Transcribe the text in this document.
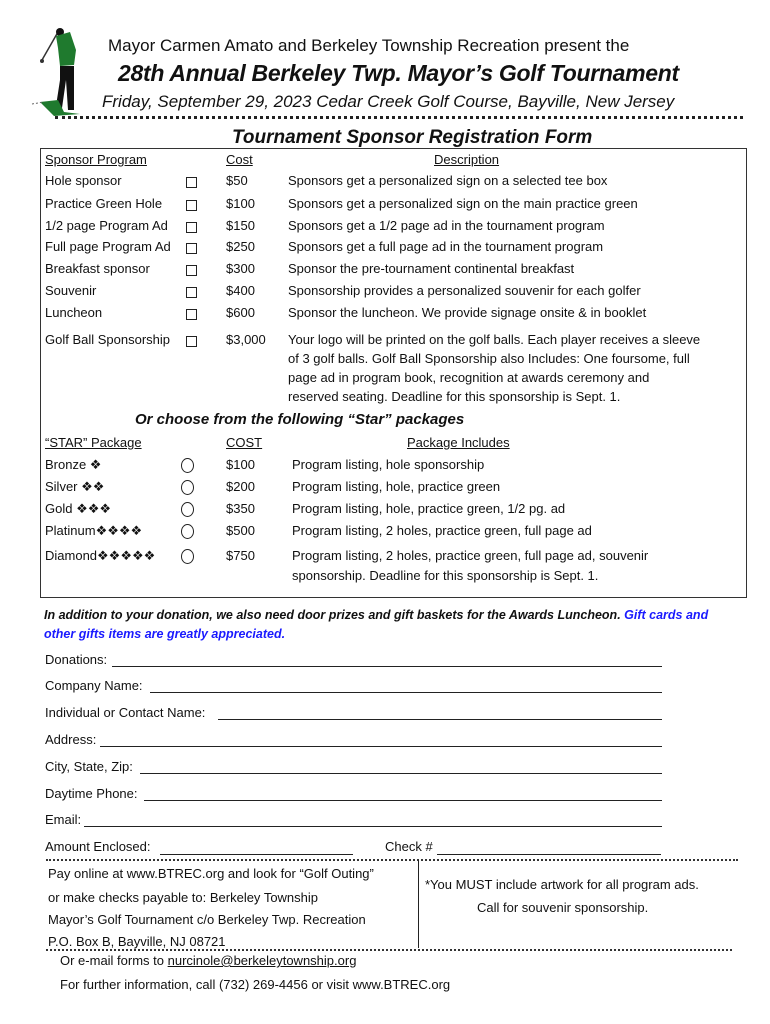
Mayor Carmen Amato and Berkeley Township Recreation present the
28th Annual Berkeley Twp. Mayor’s Golf Tournament
Friday, September 29, 2023 Cedar Creek Golf Course, Bayville, New Jersey
Tournament Sponsor Registration Form
Sponsor Program	Cost	Description
Hole sponsor	$50	Sponsors get a personalized sign on a selected tee box
Practice Green Hole	$100	Sponsors get a personalized sign on the main practice green
1/2 page Program Ad	$150	Sponsors get a 1/2 page ad in the tournament program
Full page Program Ad	$250	Sponsors get a full page ad in the tournament program
Breakfast sponsor	$300	Sponsor the pre-tournament continental breakfast
Souvenir	$400	Sponsorship provides a personalized souvenir for each golfer
Luncheon	$600	Sponsor the luncheon. We provide signage onsite & in booklet
Golf Ball Sponsorship	$3,000 Your logo will be printed on the golf balls. Each player receives a sleeve
of 3 golf balls. Golf Ball Sponsorship also Includes: One foursome, full
page ad in program book, recognition at awards ceremony and
reserved seating. Deadline for this sponsorship is Sept. 1.
“STAR” Package	COST	Package Includes
Bronze ❖	$100	Program listing, hole sponsorship
Silver ❖❖	$200	Program listing, hole, practice green
Gold ❖❖❖	$350	Program listing, hole, practice green, 1/2 pg. ad
Platinum❖❖❖❖	$500	Program listing, 2 holes, practice green, full page ad
Diamond❖❖❖❖❖	$750	Program listing, 2 holes, practice green, full page ad, souvenir
sponsorship. Deadline for this sponsorship is Sept. 1.
Or choose from the following “Star” packages
In addition to your donation, we also need door prizes and gift baskets for the Awards Luncheon. Gift cards and other gifts items are greatly appreciated.
Donations:
Company Name:
Individual or Contact Name:
Address:
City, State, Zip:
Daytime Phone:
Email:
Amount Enclosed:	Check #
Pay online at www.BTREC.org and look for “Golf Outing”
or make checks payable to: Berkeley Township
Mayor’s Golf Tournament c/o Berkeley Twp. Recreation
P.O. Box B, Bayville, NJ 08721
*You MUST include artwork for all program ads.
Call for souvenir sponsorship.
Or e-mail forms to nurcinole@berkeleytownship.org
For further information, call (732) 269-4456 or visit www.BTREC.org
